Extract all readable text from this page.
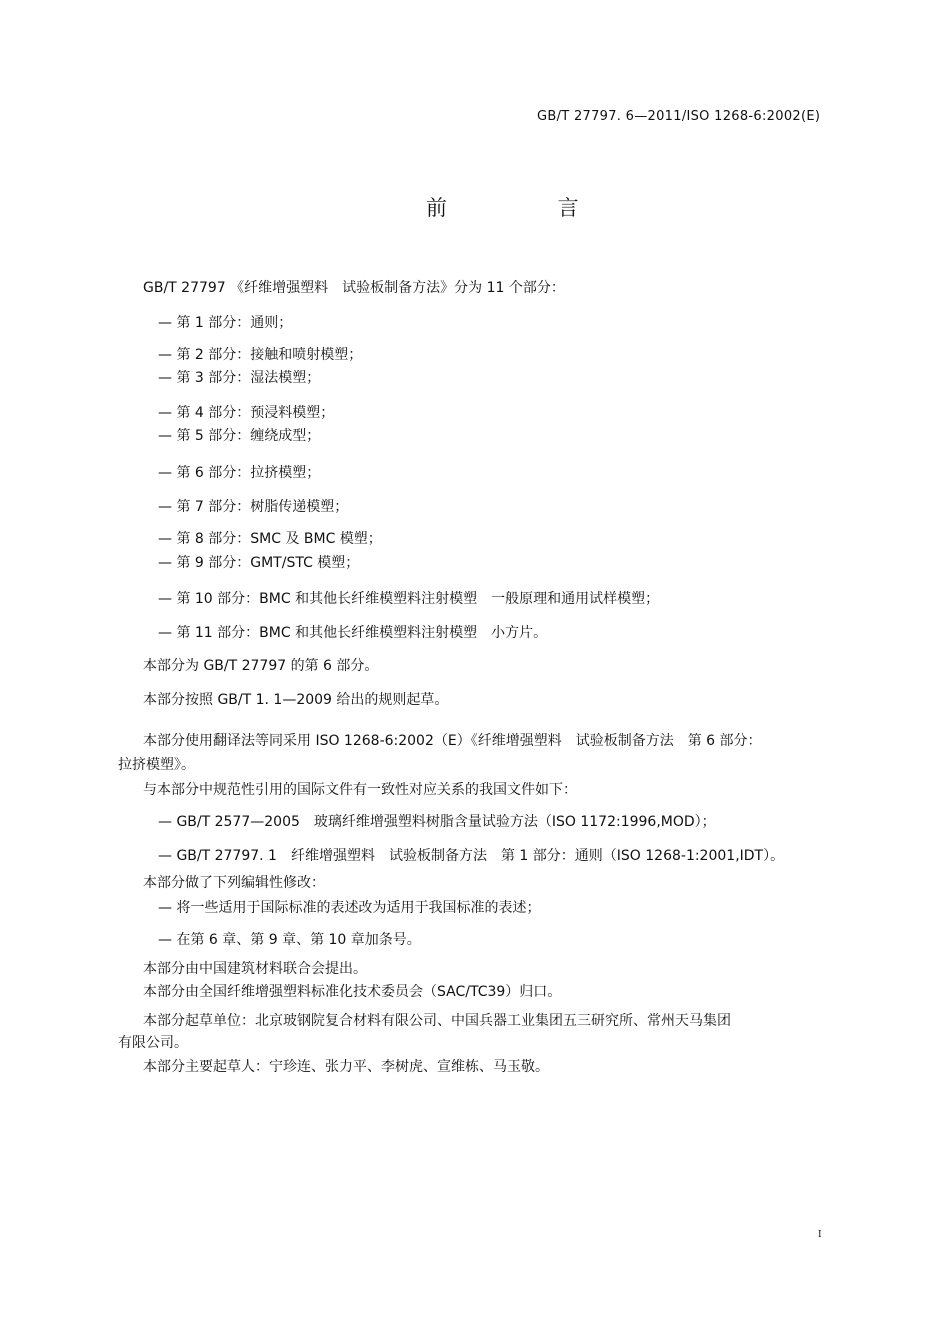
GB/T 27797. 6—2011/ISO 1268-6:2002(E)
前 言
GB/T 27797 《纤维增强塑料　试验板制备方法》分为 11 个部分：
— 第 1 部分：通则；
— 第 2 部分：接触和喷射模塑；
— 第 3 部分：湿法模塑；
— 第 4 部分：预浸料模塑；
— 第 5 部分：缠绕成型；
— 第 6 部分：拉挤模塑；
— 第 7 部分：树脂传递模塑；
— 第 8 部分：SMC 及 BMC 模塑；
— 第 9 部分：GMT/STC 模塑；
— 第 10 部分：BMC 和其他长纤维模塑料注射模塑　一般原理和通用试样模塑；
— 第 11 部分：BMC 和其他长纤维模塑料注射模塑　小方片。
本部分为 GB/T 27797 的第 6 部分。
本部分按照 GB/T 1. 1—2009 给出的规则起草。
本部分使用翻译法等同采用 ISO 1268-6:2002（E）《纤维增强塑料　试验板制备方法　第 6 部分：
拉挤模塑》。
与本部分中规范性引用的国际文件有一致性对应关系的我国文件如下：
— GB/T 2577—2005　玻璃纤维增强塑料树脂含量试验方法（ISO 1172:1996,MOD）；
— GB/T 27797. 1　纤维增强塑料　试验板制备方法　第 1 部分：通则（ISO 1268-1:2001,IDT）。
本部分做了下列编辑性修改：
— 将一些适用于国际标准的表述改为适用于我国标准的表述；
— 在第 6 章、第 9 章、第 10 章加条号。
本部分由中国建筑材料联合会提出。
本部分由全国纤维增强塑料标准化技术委员会（SAC/TC39）归口。
本部分起草单位：北京玻钢院复合材料有限公司、中国兵器工业集团五三研究所、常州天马集团
有限公司。
本部分主要起草人：宁珍连、张力平、李树虎、宣维栋、马玉敬。
I
